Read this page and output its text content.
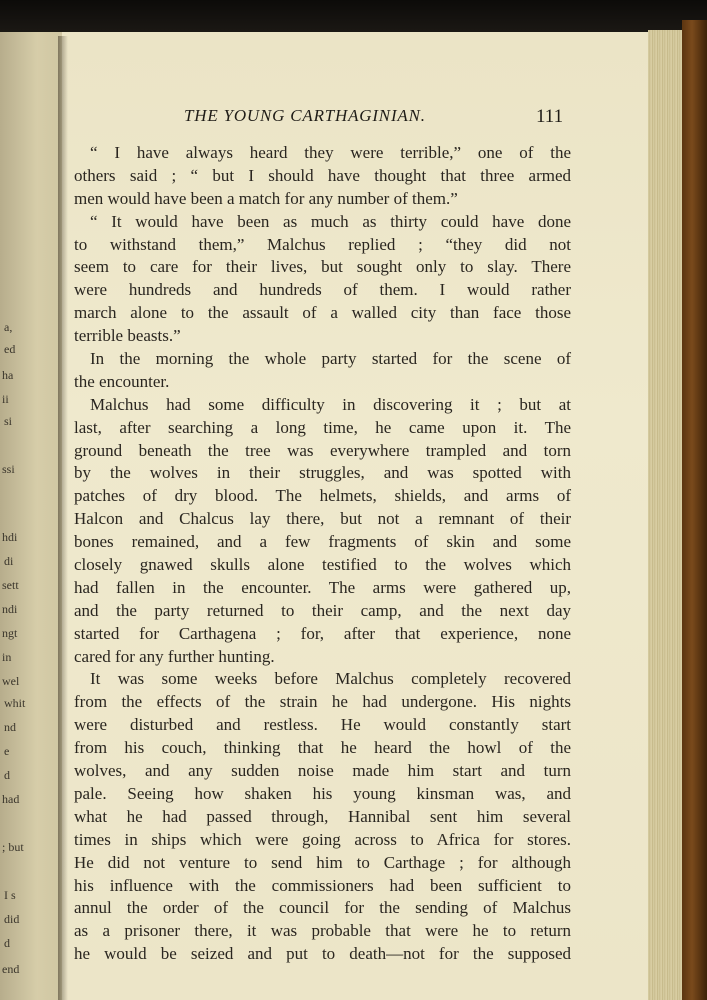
a,
ed
ha
ii
si
ssi
hdi
di
sett
ndi
ngt
in
wel
whit
nd
e
d
had
; but
I s
did
d
end
THE YOUNG CARTHAGINIAN.	111
“ I have always heard they were terrible,” one of the
others said ; “ but I should have thought that three armed
men would have been a match for any number of them.”
“ It would have been as much as thirty could have done
to withstand them,” Malchus replied ; “they did not
seem to care for their lives, but sought only to slay. There
were hundreds and hundreds of them. I would rather
march alone to the assault of a walled city than face those
terrible beasts.”
In the morning the whole party started for the scene of
the encounter.
Malchus had some difficulty in discovering it ; but at
last, after searching a long time, he came upon it. The
ground beneath the tree was everywhere trampled and torn
by the wolves in their struggles, and was spotted with
patches of dry blood. The helmets, shields, and arms of
Halcon and Chalcus lay there, but not a remnant of their
bones remained, and a few fragments of skin and some
closely gnawed skulls alone testified to the wolves which
had fallen in the encounter. The arms were gathered up,
and the party returned to their camp, and the next day
started for Carthagena ; for, after that experience, none
cared for any further hunting.
It was some weeks before Malchus completely recovered
from the effects of the strain he had undergone. His nights
were disturbed and restless. He would constantly start
from his couch, thinking that he heard the howl of the
wolves, and any sudden noise made him start and turn
pale. Seeing how shaken his young kinsman was, and
what he had passed through, Hannibal sent him several
times in ships which were going across to Africa for stores.
He did not venture to send him to Carthage ; for although
his influence with the commissioners had been sufficient to
annul the order of the council for the sending of Malchus
as a prisoner there, it was probable that were he to return
he would be seized and put to death—not for the supposed
